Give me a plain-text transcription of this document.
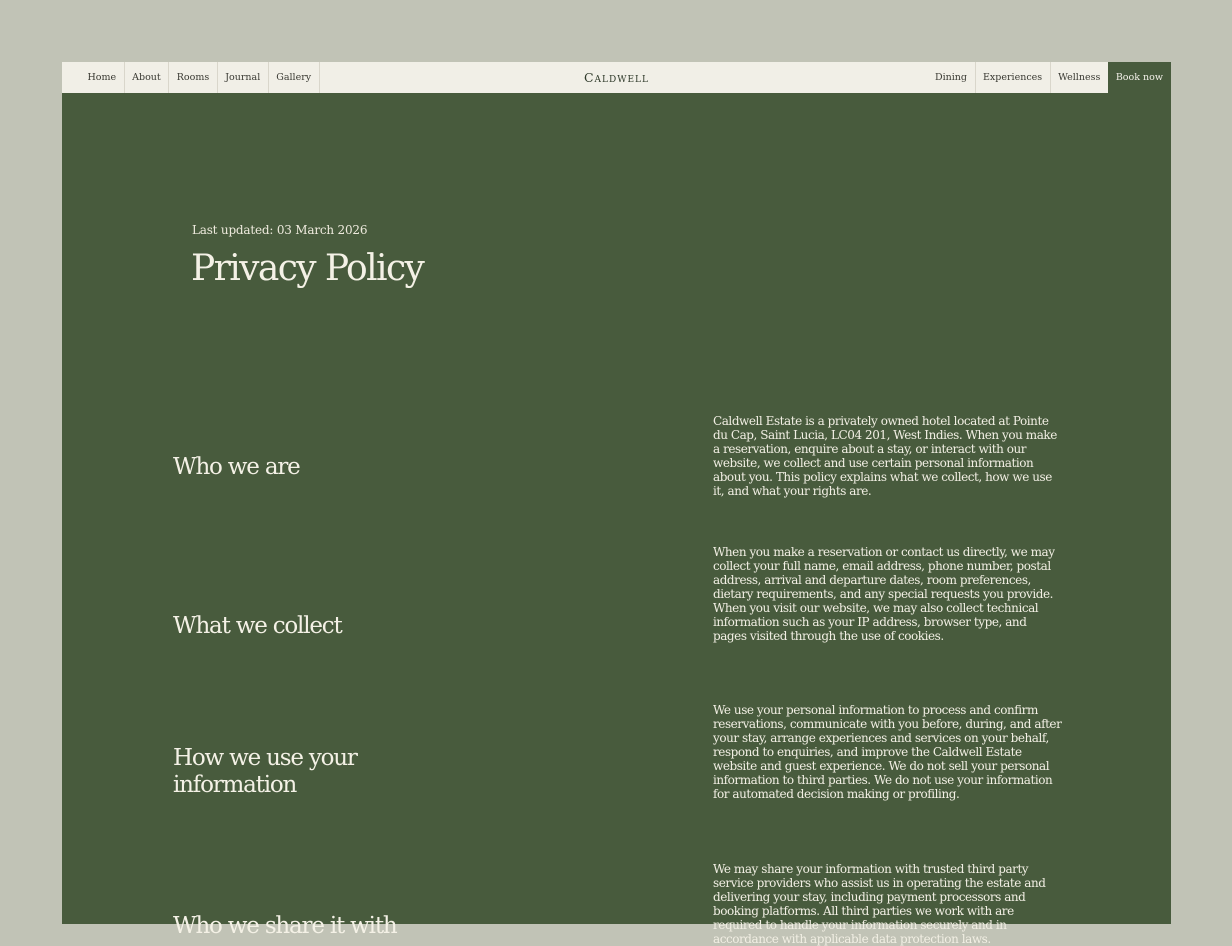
Home	About	Rooms	Journal	Gallery	Caldwell	Dining	Experiences	Wellness	Book now
Last updated: 03 March 2026
Privacy Policy
Who we are

Caldwell Estate is a privately owned hotel located at Pointe du Cap, Saint Lucia, LC04 201, West Indies. When you make a reservation, enquire about a stay, or interact with our website, we collect and use certain personal information about you. This policy explains what we collect, how we use it, and what your rights are.

What we collect

When you make a reservation or contact us directly, we may collect your full name, email address, phone number, postal address, arrival and departure dates, room preferences, dietary requirements, and any special requests you provide. When you visit our website, we may also collect technical information such as your IP address, browser type, and pages visited through the use of cookies.

How we use your information

We use your personal information to process and confirm reservations, communicate with you before, during, and after your stay, arrange experiences and services on your behalf, respond to enquiries, and improve the Caldwell Estate website and guest experience. We do not sell your personal information to third parties. We do not use your information for automated decision making or profiling.

Who we share it with

We may share your information with trusted third party service providers who assist us in operating the estate and delivering your stay, including payment processors and booking platforms. All third parties we work with are required to handle your information securely and in accordance with applicable data protection laws.
